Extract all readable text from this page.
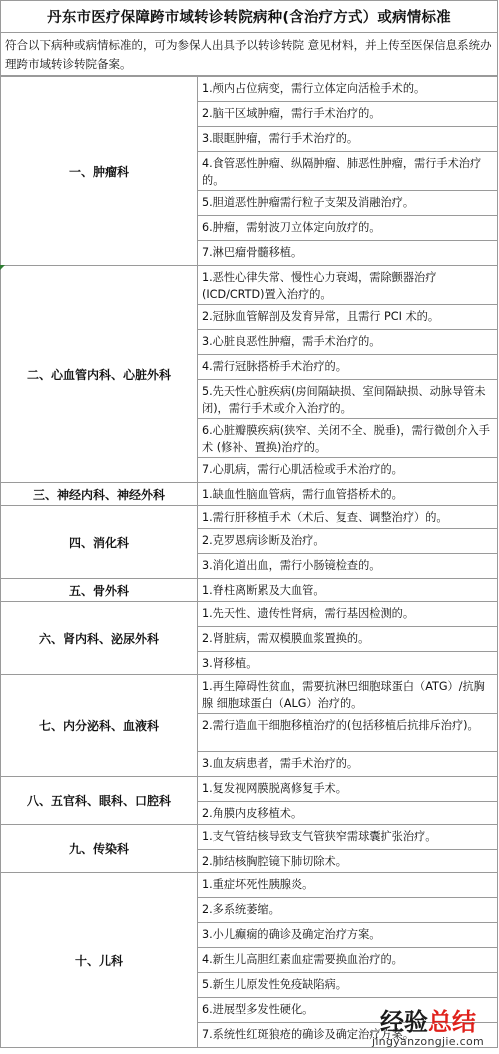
丹东市医疗保障跨市域转诊转院病种(含治疗方式）或病情标准
符合以下病种或病情标准的，可为参保人出具予以转诊转院 意见材料，并上传至医保信息系统办理跨市域转诊转院备案。
一、肿瘤科	1.颅内占位病变，需行立体定向活检手术的。
	2.脑干区域肿瘤，需行手术治疗的。
	3.眼眶肿瘤，需行手术治疗的。
	4.食管恶性肿瘤、纵隔肿瘤、肺恶性肿瘤，需行手术治疗的。
	5.胆道恶性肿瘤需行粒子支架及消融治疗。
	6.肿瘤，需射波刀立体定向放疗的。
	7.淋巴瘤骨髓移植。
二、心血管内科、心脏外科	1.恶性心律失常、慢性心力衰竭，需除颤器治疗(ICD/CRTD)置入治疗的。
	2.冠脉血管解剖及发育异常，且需行 PCI 术的。
	3.心脏良恶性肿瘤，需手术治疗的。
	4.需行冠脉搭桥手术治疗的。
	5.先天性心脏疾病(房间隔缺损、室间隔缺损、动脉导管未闭)，需行手术或介入治疗的。
	6.心脏瓣膜疾病(狭窄、关闭不全、脱垂)，需行微创介入手术 (修补、置换)治疗的。
	7.心肌病，需行心肌活检或手术治疗的。
三、神经内科、神经外科	1.缺血性脑血管病，需行血管搭桥术的。
四、消化科	1.需行肝移植手术（术后、复查、调整治疗）的。
	2.克罗恩病诊断及治疗。
	3.消化道出血，需行小肠镜检查的。
五、骨外科	1.脊柱离断累及大血管。
六、肾内科、泌尿外科	1.先天性、遗传性肾病，需行基因检测的。
	2.肾脏病，需双模膜血浆置换的。
	3.肾移植。
七、内分泌科、血液科	1.再生障碍性贫血，需要抗淋巴细胞球蛋白（ATG）/抗胸腺 细胞球蛋白（ALG）治疗的。
	2.需行造血干细胞移植治疗的(包括移植后抗排斥治疗)。
	3.血友病患者，需手术治疗的。
八、五官科、眼科、口腔科	1.复发视网膜脱离修复手术。
	2.角膜内皮移植术。
九、传染科	1.支气管结核导致支气管狭窄需球囊扩张治疗。
	2.肺结核胸腔镜下肺切除术。
十、儿科	1.重症坏死性胰腺炎。
	2.多系统萎缩。
	3.小儿癫痫的确诊及确定治疗方案。
	4.新生儿高胆红素血症需要换血治疗的。
	5.新生儿原发性免疫缺陷病。
	6.进展型多发性硬化。
	7.系统性红斑狼疮的确诊及确定治疗方案。
经验总结
jingyanzongjie.com
